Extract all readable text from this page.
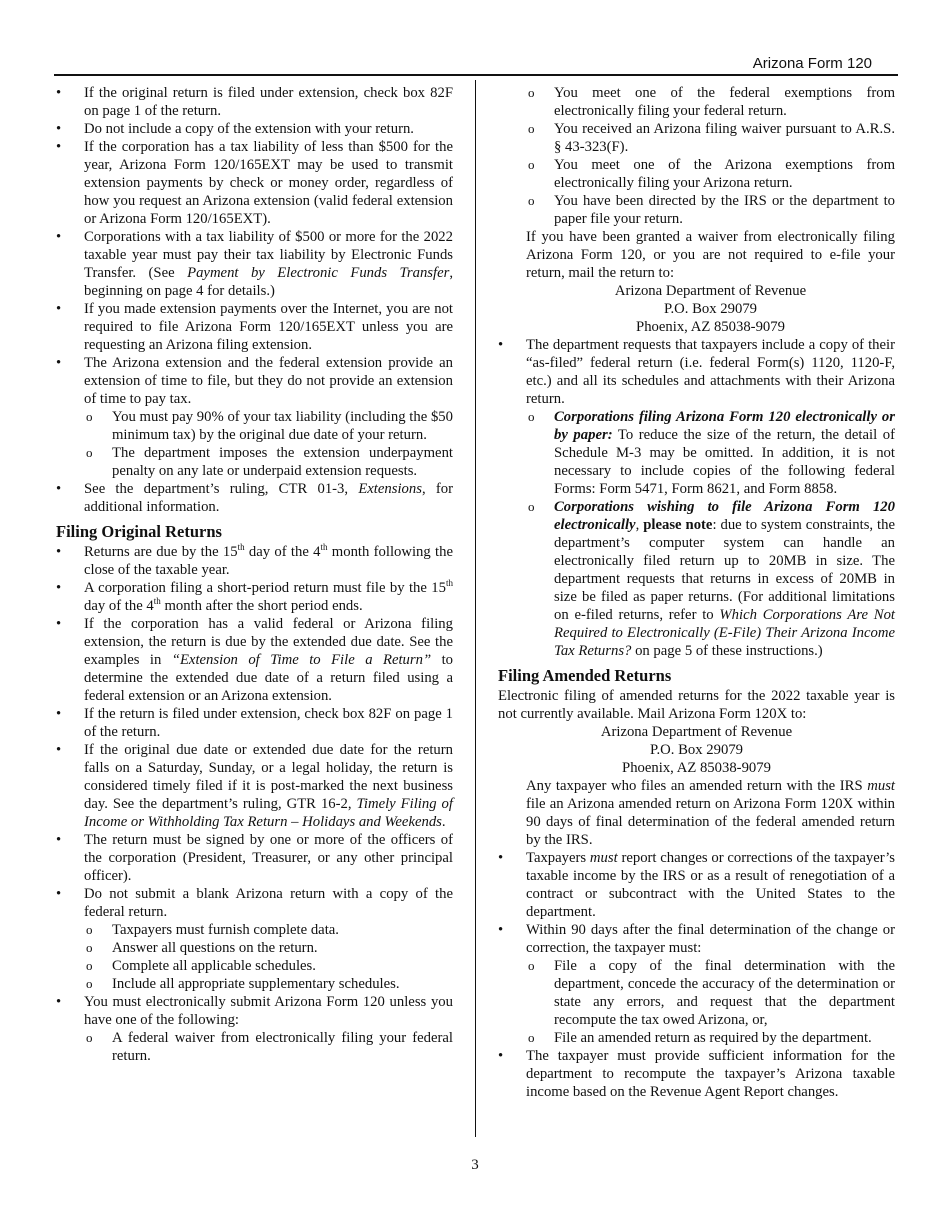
Arizona Form 120
• If the original return is filed under extension, check box 82F on page 1 of the return.
• Do not include a copy of the extension with your return.
• If the corporation has a tax liability of less than $500 for the year, Arizona Form 120/165EXT may be used to transmit extension payments by check or money order, regardless of how you request an Arizona extension (valid federal extension or Arizona Form 120/165EXT).
• Corporations with a tax liability of $500 or more for the 2022 taxable year must pay their tax liability by Electronic Funds Transfer. (See Payment by Electronic Funds Transfer, beginning on page 4 for details.)
• If you made extension payments over the Internet, you are not required to file Arizona Form 120/165EXT unless you are requesting an Arizona filing extension.
• The Arizona extension and the federal extension provide an extension of time to file, but they do not provide an extension of time to pay tax.
o You must pay 90% of your tax liability (including the $50 minimum tax) by the original due date of your return.
o The department imposes the extension underpayment penalty on any late or underpaid extension requests.
• See the department’s ruling, CTR 01-3, Extensions, for additional information.
Filing Original Returns
• Returns are due by the 15th day of the 4th month following the close of the taxable year.
• A corporation filing a short-period return must file by the 15th day of the 4th month after the short period ends.
• If the corporation has a valid federal or Arizona filing extension, the return is due by the extended due date. See the examples in “Extension of Time to File a Return” to determine the extended due date of a return filed using a federal extension or an Arizona extension.
• If the return is filed under extension, check box 82F on page 1 of the return.
• If the original due date or extended due date for the return falls on a Saturday, Sunday, or a legal holiday, the return is considered timely filed if it is post-marked the next business day. See the department’s ruling, GTR 16-2, Timely Filing of Income or Withholding Tax Return – Holidays and Weekends.
• The return must be signed by one or more of the officers of the corporation (President, Treasurer, or any other principal officer).
• Do not submit a blank Arizona return with a copy of the federal return.
o Taxpayers must furnish complete data.
o Answer all questions on the return.
o Complete all applicable schedules.
o Include all appropriate supplementary schedules.
• You must electronically submit Arizona Form 120 unless you have one of the following:
o A federal waiver from electronically filing your federal return.
o You meet one of the federal exemptions from electronically filing your federal return.
o You received an Arizona filing waiver pursuant to A.R.S. § 43-323(F).
o You meet one of the Arizona exemptions from electronically filing your Arizona return.
o You have been directed by the IRS or the department to paper file your return.
If you have been granted a waiver from electronically filing Arizona Form 120, or you are not required to e-file your return, mail the return to:
Arizona Department of Revenue
P.O. Box 29079
Phoenix, AZ 85038-9079
• The department requests that taxpayers include a copy of their “as-filed” federal return (i.e. federal Form(s) 1120, 1120-F, etc.) and all its schedules and attachments with their Arizona return.
o Corporations filing Arizona Form 120 electronically or by paper: To reduce the size of the return, the detail of Schedule M-3 may be omitted. In addition, it is not necessary to include copies of the following federal Forms: Form 5471, Form 8621, and Form 8858.
o Corporations wishing to file Arizona Form 120 electronically, please note: due to system constraints, the department’s computer system can handle an electronically filed return up to 20MB in size. The department requests that returns in excess of 20MB in size be filed as paper returns. (For additional limitations on e-filed returns, refer to Which Corporations Are Not Required to Electronically (E-File) Their Arizona Income Tax Returns? on page 5 of these instructions.)
Filing Amended Returns
Electronic filing of amended returns for the 2022 taxable year is not currently available. Mail Arizona Form 120X to:
Arizona Department of Revenue
P.O. Box 29079
Phoenix, AZ 85038-9079
Any taxpayer who files an amended return with the IRS must file an Arizona amended return on Arizona Form 120X within 90 days of final determination of the federal amended return by the IRS.
• Taxpayers must report changes or corrections of the taxpayer’s taxable income by the IRS or as a result of renegotiation of a contract or subcontract with the United States to the department.
• Within 90 days after the final determination of the change or correction, the taxpayer must:
o File a copy of the final determination with the department, concede the accuracy of the determination or state any errors, and request that the department recompute the tax owed Arizona, or,
o File an amended return as required by the department.
• The taxpayer must provide sufficient information for the department to recompute the taxpayer’s Arizona taxable income based on the Revenue Agent Report changes.
3
